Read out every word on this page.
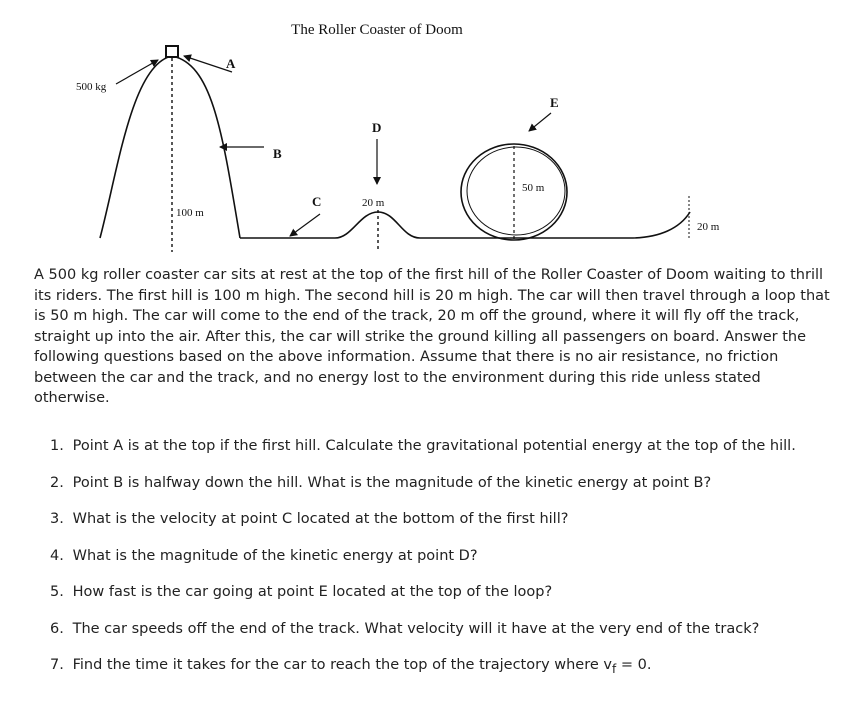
The Roller Coaster of Doom
100 m
500 kg
A
B
C
D
20 m
E
50 m
20 m

A 500 kg roller coaster car sits at rest at the top of the first hill of the Roller Coaster of Doom waiting to thrill its riders. The first hill is 100 m high. The second hill is 20 m high. The car will then travel through a loop that is 50 m high. The car will come to the end of the track, 20 m off the ground, where it will fly off the track, straight up into the air. After this, the car will strike the ground killing all passengers on board. Answer the following questions based on the above information. Assume that there is no air resistance, no friction between the car and the track, and no energy lost to the environment during this ride unless stated otherwise.

1. Point A is at the top if the first hill. Calculate the gravitational potential energy at the top of the hill.
2. Point B is halfway down the hill. What is the magnitude of the kinetic energy at point B?
3. What is the velocity at point C located at the bottom of the first hill?
4. What is the magnitude of the kinetic energy at point D?
5. How fast is the car going at point E located at the top of the loop?
6. The car speeds off the end of the track. What velocity will it have at the very end of the track?
7. Find the time it takes for the car to reach the top of the trajectory where $v_f = 0$.
